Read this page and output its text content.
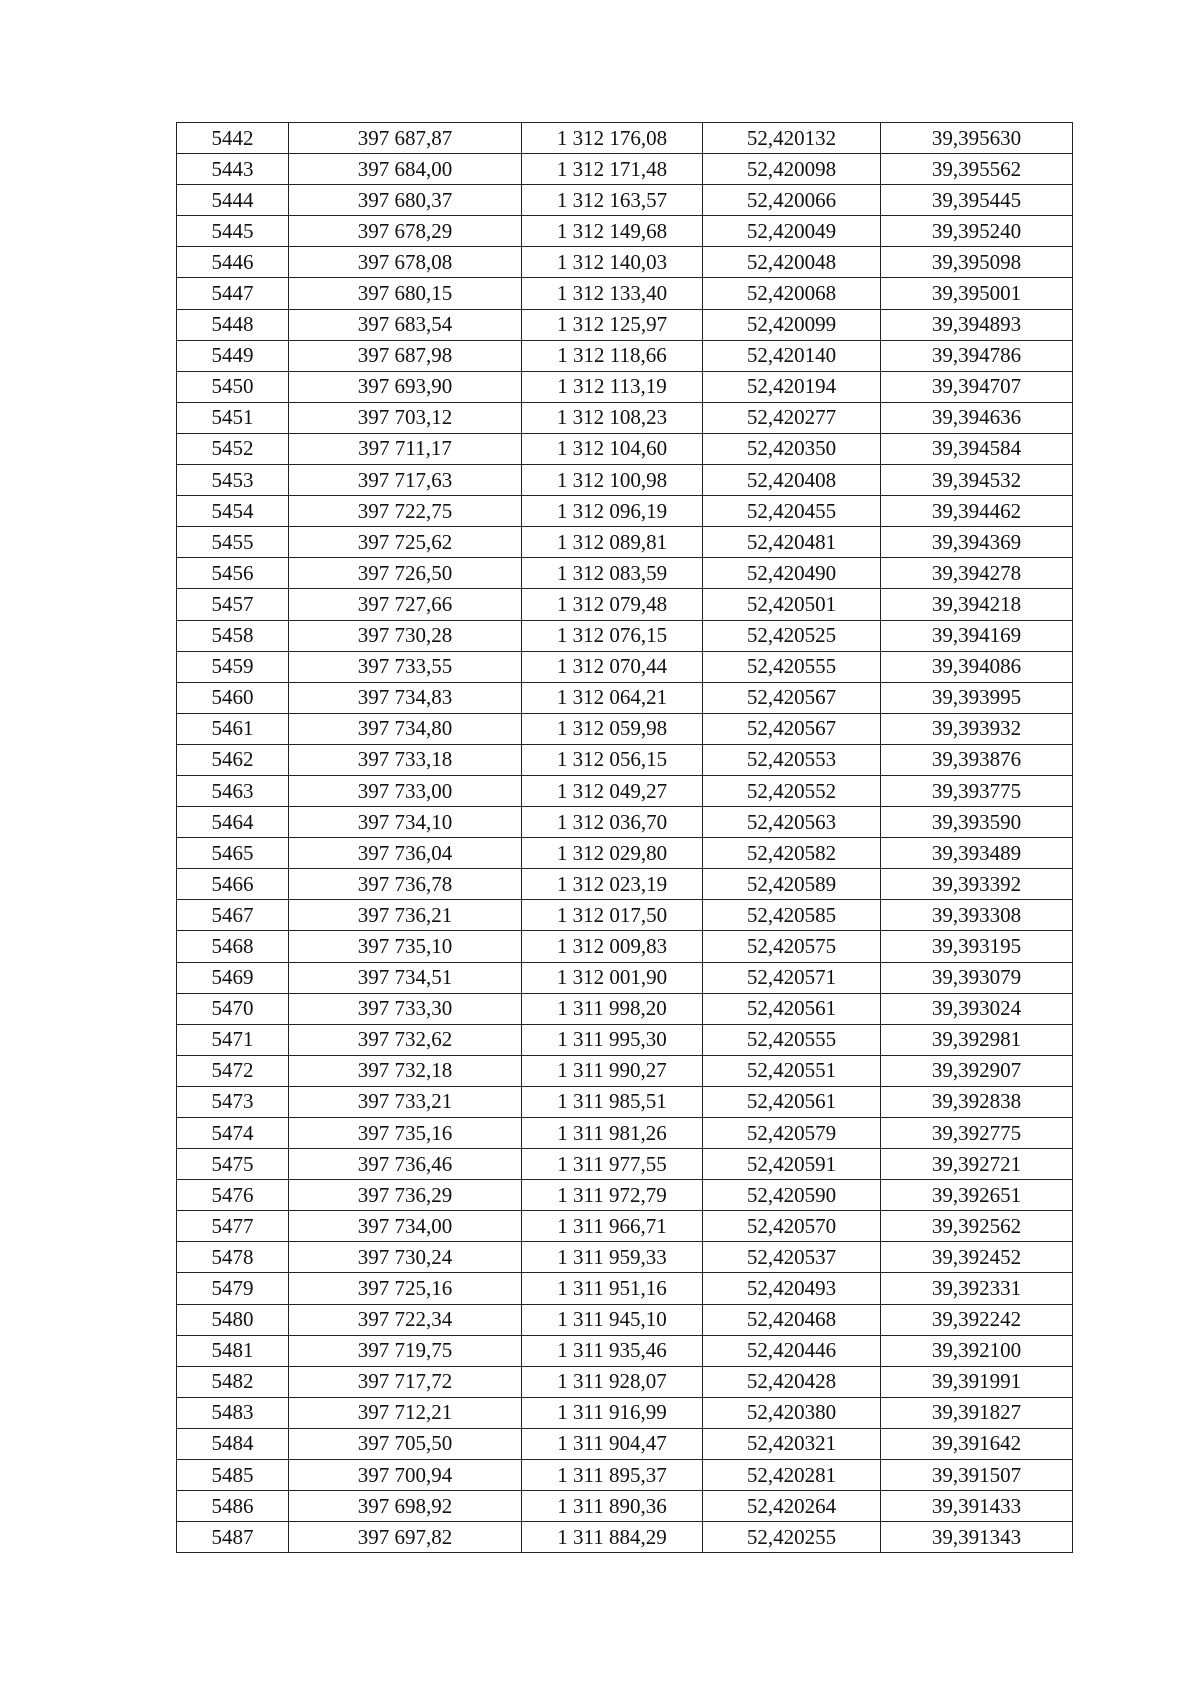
5442	397 687,87	1 312 176,08	52,420132	39,395630
5443	397 684,00	1 312 171,48	52,420098	39,395562
5444	397 680,37	1 312 163,57	52,420066	39,395445
5445	397 678,29	1 312 149,68	52,420049	39,395240
5446	397 678,08	1 312 140,03	52,420048	39,395098
5447	397 680,15	1 312 133,40	52,420068	39,395001
5448	397 683,54	1 312 125,97	52,420099	39,394893
5449	397 687,98	1 312 118,66	52,420140	39,394786
5450	397 693,90	1 312 113,19	52,420194	39,394707
5451	397 703,12	1 312 108,23	52,420277	39,394636
5452	397 711,17	1 312 104,60	52,420350	39,394584
5453	397 717,63	1 312 100,98	52,420408	39,394532
5454	397 722,75	1 312 096,19	52,420455	39,394462
5455	397 725,62	1 312 089,81	52,420481	39,394369
5456	397 726,50	1 312 083,59	52,420490	39,394278
5457	397 727,66	1 312 079,48	52,420501	39,394218
5458	397 730,28	1 312 076,15	52,420525	39,394169
5459	397 733,55	1 312 070,44	52,420555	39,394086
5460	397 734,83	1 312 064,21	52,420567	39,393995
5461	397 734,80	1 312 059,98	52,420567	39,393932
5462	397 733,18	1 312 056,15	52,420553	39,393876
5463	397 733,00	1 312 049,27	52,420552	39,393775
5464	397 734,10	1 312 036,70	52,420563	39,393590
5465	397 736,04	1 312 029,80	52,420582	39,393489
5466	397 736,78	1 312 023,19	52,420589	39,393392
5467	397 736,21	1 312 017,50	52,420585	39,393308
5468	397 735,10	1 312 009,83	52,420575	39,393195
5469	397 734,51	1 312 001,90	52,420571	39,393079
5470	397 733,30	1 311 998,20	52,420561	39,393024
5471	397 732,62	1 311 995,30	52,420555	39,392981
5472	397 732,18	1 311 990,27	52,420551	39,392907
5473	397 733,21	1 311 985,51	52,420561	39,392838
5474	397 735,16	1 311 981,26	52,420579	39,392775
5475	397 736,46	1 311 977,55	52,420591	39,392721
5476	397 736,29	1 311 972,79	52,420590	39,392651
5477	397 734,00	1 311 966,71	52,420570	39,392562
5478	397 730,24	1 311 959,33	52,420537	39,392452
5479	397 725,16	1 311 951,16	52,420493	39,392331
5480	397 722,34	1 311 945,10	52,420468	39,392242
5481	397 719,75	1 311 935,46	52,420446	39,392100
5482	397 717,72	1 311 928,07	52,420428	39,391991
5483	397 712,21	1 311 916,99	52,420380	39,391827
5484	397 705,50	1 311 904,47	52,420321	39,391642
5485	397 700,94	1 311 895,37	52,420281	39,391507
5486	397 698,92	1 311 890,36	52,420264	39,391433
5487	397 697,82	1 311 884,29	52,420255	39,391343
